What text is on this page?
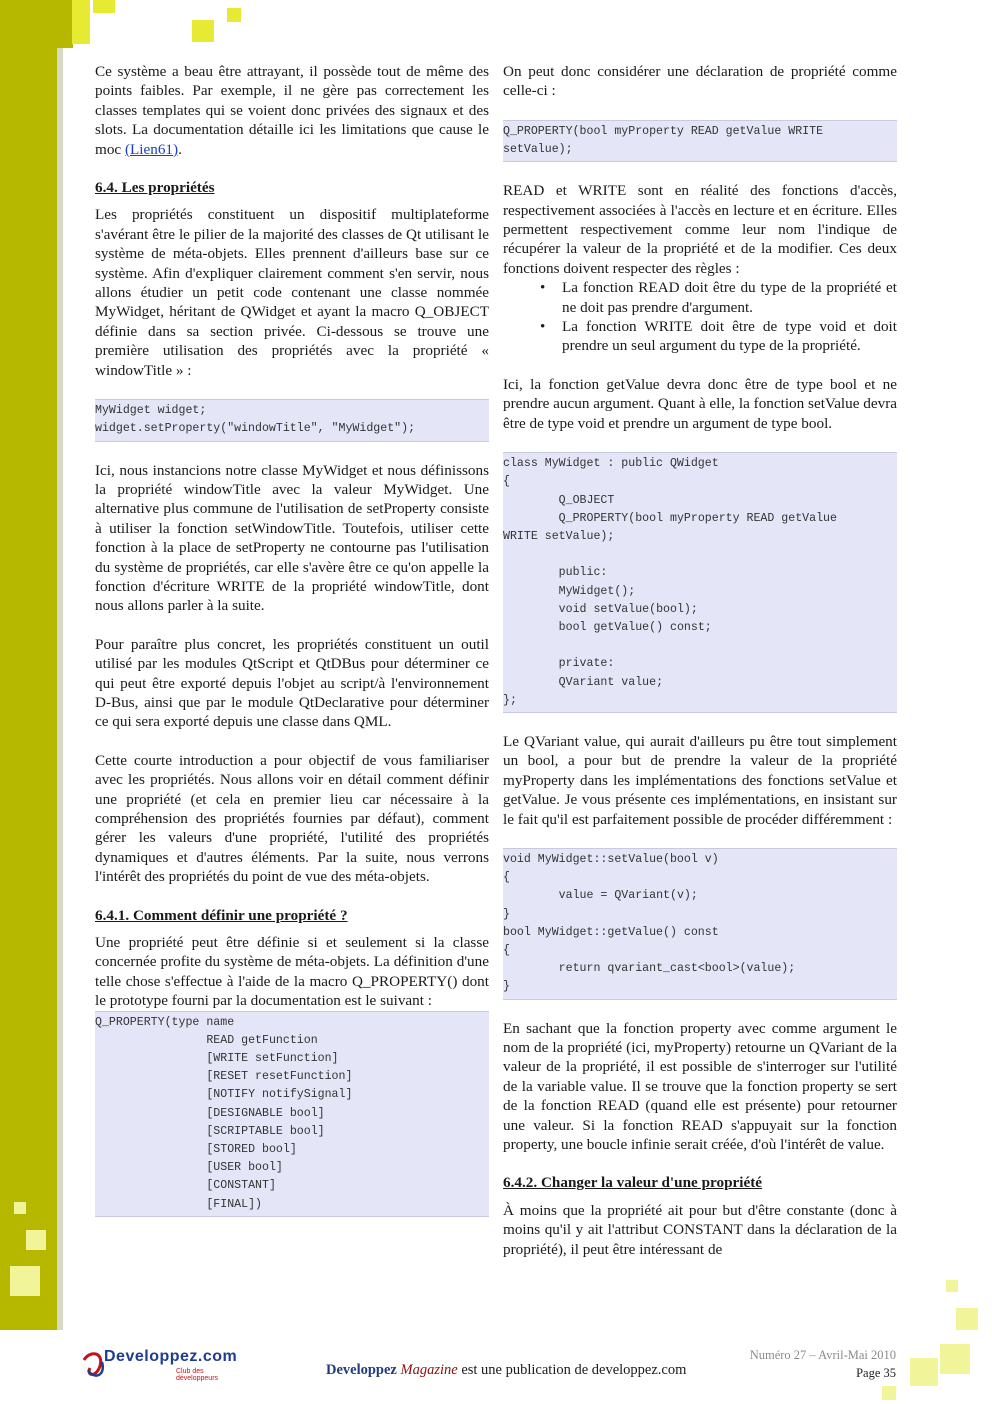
Ce système a beau être attrayant, il possède tout de même des points faibles. Par exemple, il ne gère pas correctement les classes templates qui se voient donc privées des signaux et des slots. La documentation détaille ici les limitations que cause le moc (Lien61).

6.4. Les propriétés

Les propriétés constituent un dispositif multiplateforme s'avérant être le pilier de la majorité des classes de Qt utilisant le système de méta-objets. Elles prennent d'ailleurs base sur ce système. Afin d'expliquer clairement comment s'en servir, nous allons étudier un petit code contenant une classe nommée MyWidget, héritant de QWidget et ayant la macro Q_OBJECT définie dans sa section privée. Ci-dessous se trouve une première utilisation des propriétés avec la propriété « windowTitle » :

MyWidget widget;
widget.setProperty("windowTitle", "MyWidget");

Ici, nous instancions notre classe MyWidget et nous définissons la propriété windowTitle avec la valeur MyWidget. Une alternative plus commune de l'utilisation de setProperty consiste à utiliser la fonction setWindowTitle. Toutefois, utiliser cette fonction à la place de setProperty ne contourne pas l'utilisation du système de propriétés, car elle s'avère être ce qu'on appelle la fonction d'écriture WRITE de la propriété windowTitle, dont nous allons parler à la suite.

Pour paraître plus concret, les propriétés constituent un outil utilisé par les modules QtScript et QtDBus pour déterminer ce qui peut être exporté depuis l'objet au script/à l'environnement D-Bus, ainsi que par le module QtDeclarative pour déterminer ce qui sera exporté depuis une classe dans QML.

Cette courte introduction a pour objectif de vous familiariser avec les propriétés. Nous allons voir en détail comment définir une propriété (et cela en premier lieu car nécessaire à la compréhension des propriétés fournies par défaut), comment gérer les valeurs d'une propriété, l'utilité des propriétés dynamiques et d'autres éléments. Par la suite, nous verrons l'intérêt des propriétés du point de vue des méta-objets.

6.4.1. Comment définir une propriété ?

Une propriété peut être définie si et seulement si la classe concernée profite du système de méta-objets. La définition d'une telle chose s'effectue à l'aide de la macro Q_PROPERTY() dont le prototype fourni par la documentation est le suivant :

Q_PROPERTY(type name
READ getFunction
[WRITE setFunction]
[RESET resetFunction]
[NOTIFY notifySignal]
[DESIGNABLE bool]
[SCRIPTABLE bool]
[STORED bool]
[USER bool]
[CONSTANT]
[FINAL])

On peut donc considérer une déclaration de propriété comme celle-ci :

Q_PROPERTY(bool myProperty READ getValue WRITE
setValue);

READ et WRITE sont en réalité des fonctions d'accès, respectivement associées à l'accès en lecture et en écriture. Elles permettent respectivement comme leur nom l'indique de récupérer la valeur de la propriété et de la modifier. Ces deux fonctions doivent respecter des règles :

• La fonction READ doit être du type de la propriété et ne doit pas prendre d'argument.
• La fonction WRITE doit être de type void et doit prendre un seul argument du type de la propriété.

Ici, la fonction getValue devra donc être de type bool et ne prendre aucun argument. Quant à elle, la fonction setValue devra être de type void et prendre un argument de type bool.

class MyWidget : public QWidget
{
Q_OBJECT
Q_PROPERTY(bool myProperty READ getValue
WRITE setValue);

public:
MyWidget();
void setValue(bool);
bool getValue() const;

private:
QVariant value;
};

Le QVariant value, qui aurait d'ailleurs pu être tout simplement un bool, a pour but de prendre la valeur de la propriété myProperty dans les implémentations des fonctions setValue et getValue. Je vous présente ces implémentations, en insistant sur le fait qu'il est parfaitement possible de procéder différemment :

void MyWidget::setValue(bool v)
{
value = QVariant(v);
}
bool MyWidget::getValue() const
{
return qvariant_cast<bool>(value);
}

En sachant que la fonction property avec comme argument le nom de la propriété (ici, myProperty) retourne un QVariant de la valeur de la propriété, il est possible de s'interroger sur l'utilité de la variable value. Il se trouve que la fonction property se sert de la fonction READ (quand elle est présente) pour retourner une valeur. Si la fonction READ s'appuyait sur la fonction property, une boucle infinie serait créée, d'où l'intérêt de value.

6.4.2. Changer la valeur d'une propriété

À moins que la propriété ait pour but d'être constante (donc à moins qu'il y ait l'attribut CONSTANT dans la déclaration de la propriété), il peut être intéressant de

Developpez.com
Club des développeurs
Developpez Magazine est une publication de developpez.com
Numéro 27 – Avril-Mai 2010
Page 35
